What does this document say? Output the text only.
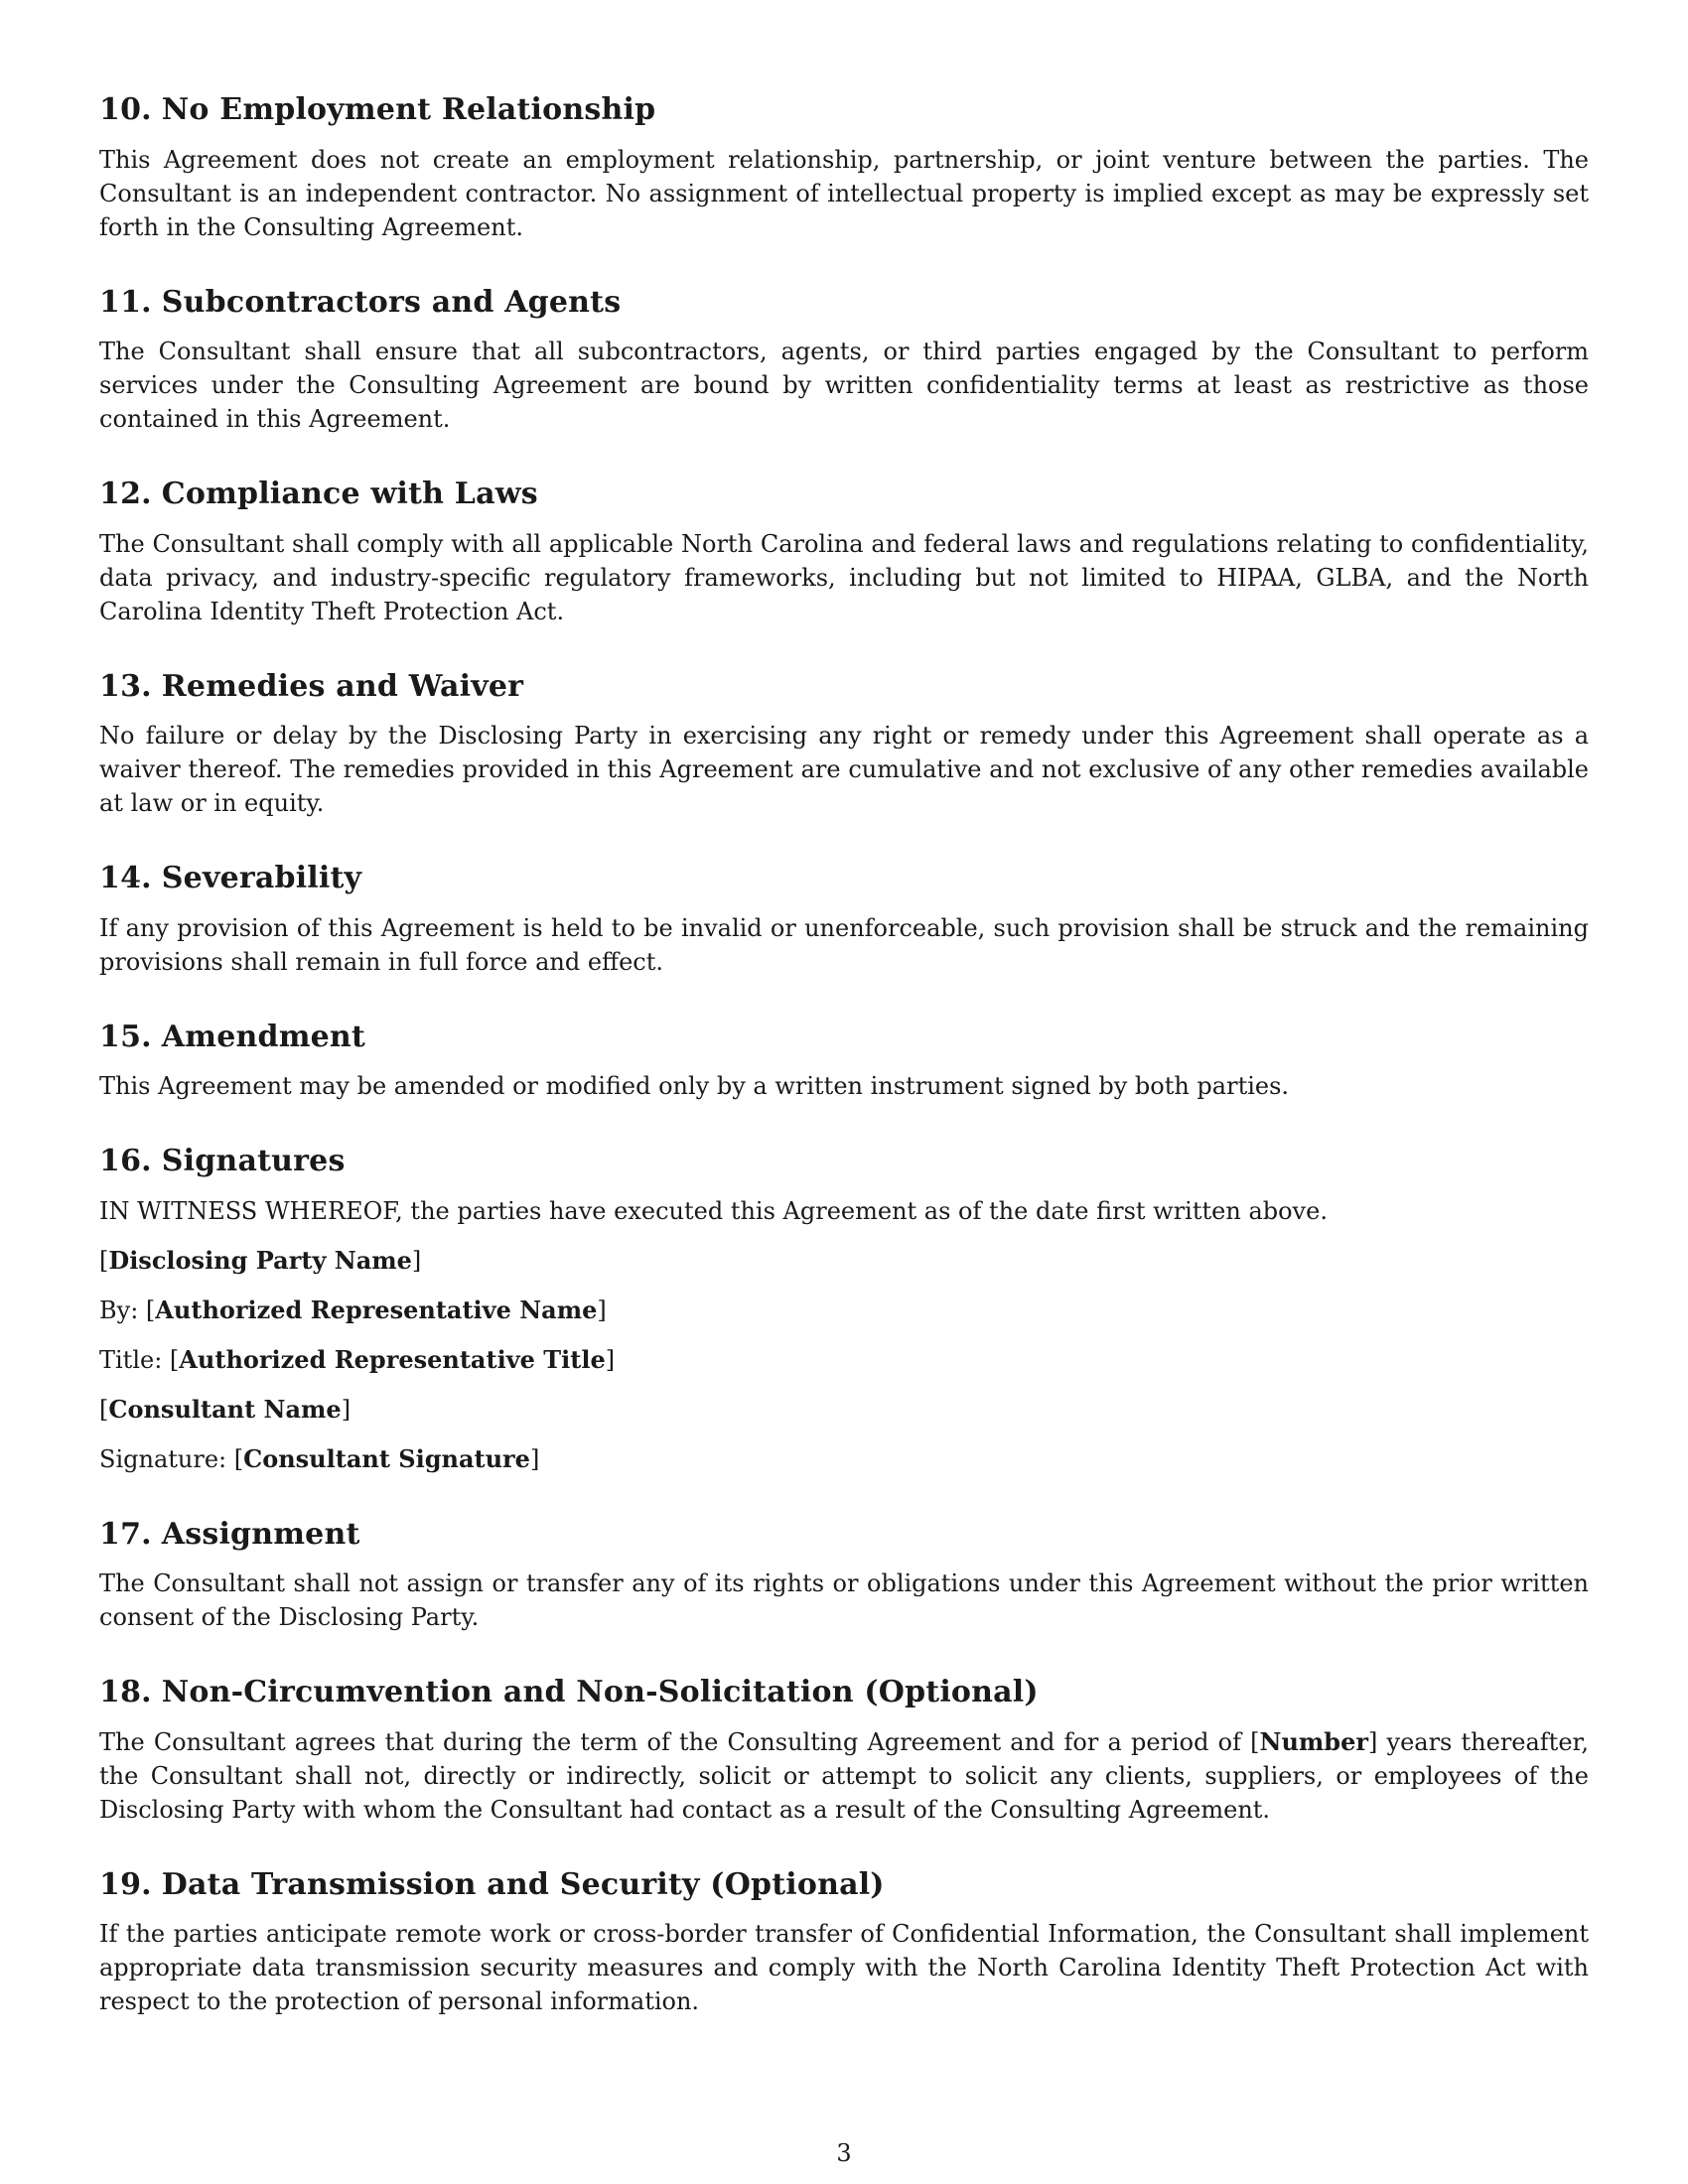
10. No Employment Relationship

This Agreement does not create an employment relationship, partnership, or joint venture between the parties. The Consultant is an independent contractor. No assignment of intellectual property is implied except as may be expressly set forth in the Consulting Agreement.

11. Subcontractors and Agents

The Consultant shall ensure that all subcontractors, agents, or third parties engaged by the Consultant to perform services under the Consulting Agreement are bound by written confidentiality terms at least as restrictive as those contained in this Agreement.

12. Compliance with Laws

The Consultant shall comply with all applicable North Carolina and federal laws and regulations relating to confidentiality, data privacy, and industry-specific regulatory frameworks, including but not limited to HIPAA, GLBA, and the North Carolina Identity Theft Protection Act.

13. Remedies and Waiver

No failure or delay by the Disclosing Party in exercising any right or remedy under this Agreement shall operate as a waiver thereof. The remedies provided in this Agreement are cumulative and not exclusive of any other remedies available at law or in equity.

14. Severability

If any provision of this Agreement is held to be invalid or unenforceable, such provision shall be struck and the remaining provisions shall remain in full force and effect.

15. Amendment

This Agreement may be amended or modified only by a written instrument signed by both parties.

16. Signatures

IN WITNESS WHEREOF, the parties have executed this Agreement as of the date first written above.

[Disclosing Party Name]
By: [Authorized Representative Name]
Title: [Authorized Representative Title]
[Consultant Name]
Signature: [Consultant Signature]
17. Assignment

The Consultant shall not assign or transfer any of its rights or obligations under this Agreement without the prior written consent of the Disclosing Party.

18. Non-Circumvention and Non-Solicitation (Optional)

The Consultant agrees that during the term of the Consulting Agreement and for a period of [Number] years thereafter, the Consultant shall not, directly or indirectly, solicit or attempt to solicit any clients, suppliers, or employees of the Disclosing Party with whom the Consultant had contact as a result of the Consulting Agreement.

19. Data Transmission and Security (Optional)

If the parties anticipate remote work or cross-border transfer of Confidential Information, the Consultant shall implement appropriate data transmission security measures and comply with the North Carolina Identity Theft Protection Act with respect to the protection of personal information.

3
